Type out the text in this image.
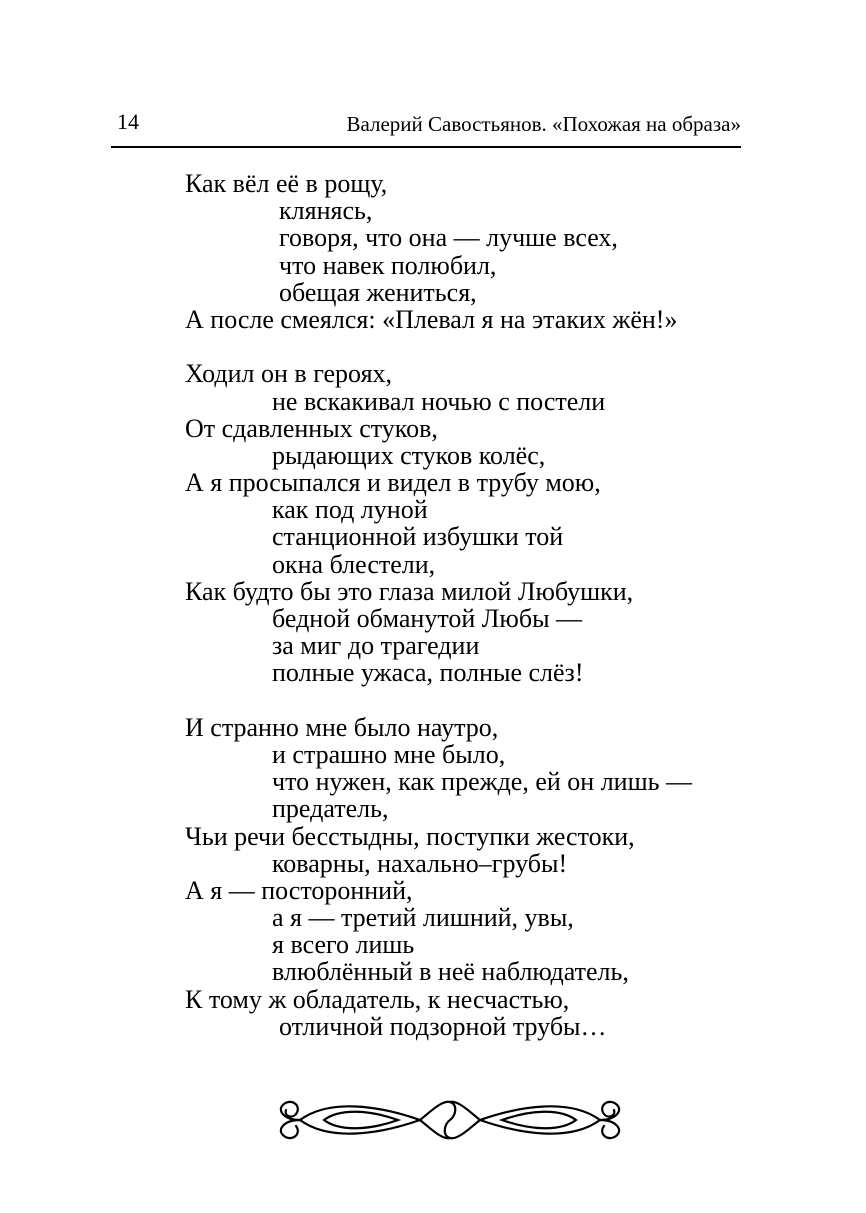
14	Валерий Савостьянов. «Похожая на образа»
Как вёл её в рощу,
клянясь,
говоря, что она — лучше всех,
что навек полюбил,
обещая жениться,
А после смеялся: «Плевал я на этаких жён!»
Ходил он в героях,
не вскакивал ночью с постели
От сдавленных стуков,
рыдающих стуков колёс,
А я просыпался и видел в трубу мою,
как под луной
станционной избушки той
окна блестели,
Как будто бы это глаза милой Любушки,
бедной обманутой Любы —
за миг до трагедии
полные ужаса, полные слёз!
И странно мне было наутро,
и страшно мне было,
что нужен, как прежде, ей он лишь —
предатель,
Чьи речи бесстыдны, поступки жестоки,
коварны, нахально–грубы!
А я — посторонний,
а я — третий лишний, увы,
я всего лишь
влюблённый в неё наблюдатель,
К тому ж обладатель, к несчастью,
отличной подзорной трубы…
